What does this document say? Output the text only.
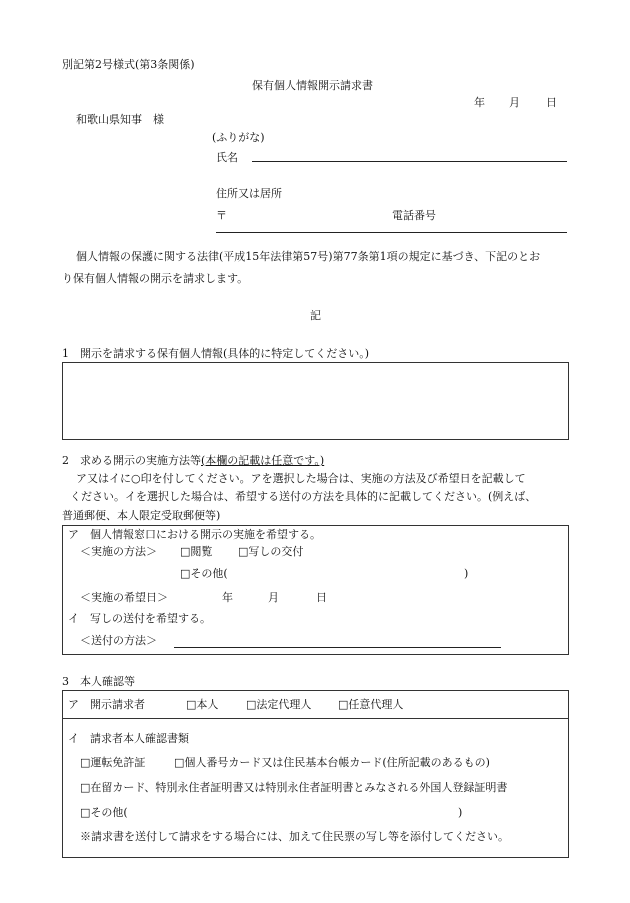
別記第2号様式(第3条関係)
保有個人情報開示請求書
年 月 日
和歌山県知事　様
(ふりがな)
氏名
住所又は居所
〒	電話番号
個人情報の保護に関する法律(平成15年法律第57号)第77条第1項の規定に基づき、下記のとお
り保有個人情報の開示を請求します。
記
1　開示を請求する保有個人情報(具体的に特定してください。)
2　求める開示の実施方法等(本欄の記載は任意です。)
ア又はイに○印を付してください。アを選択した場合は、実施の方法及び希望日を記載して
ください。イを選択した場合は、希望する送付の方法を具体的に記載してください。(例えば、
普通郵便、本人限定受取郵便等)
ア　個人情報窓口における開示の実施を希望する。
＜実施の方法＞ □閲覧 □写しの交付
□その他(	)
＜実施の希望日＞	年	月	日
イ　写しの送付を希望する。
＜送付の方法＞
3　本人確認等
ア　開示請求者	□本人	□法定代理人 □任意代理人
イ　請求者本人確認書類
□運転免許証	□個人番号カード又は住民基本台帳カード(住所記載のあるもの)
□在留カード、特別永住者証明書又は特別永住者証明書とみなされる外国人登録証明書
□その他(	)
※請求書を送付して請求をする場合には、加えて住民票の写し等を添付してください。
